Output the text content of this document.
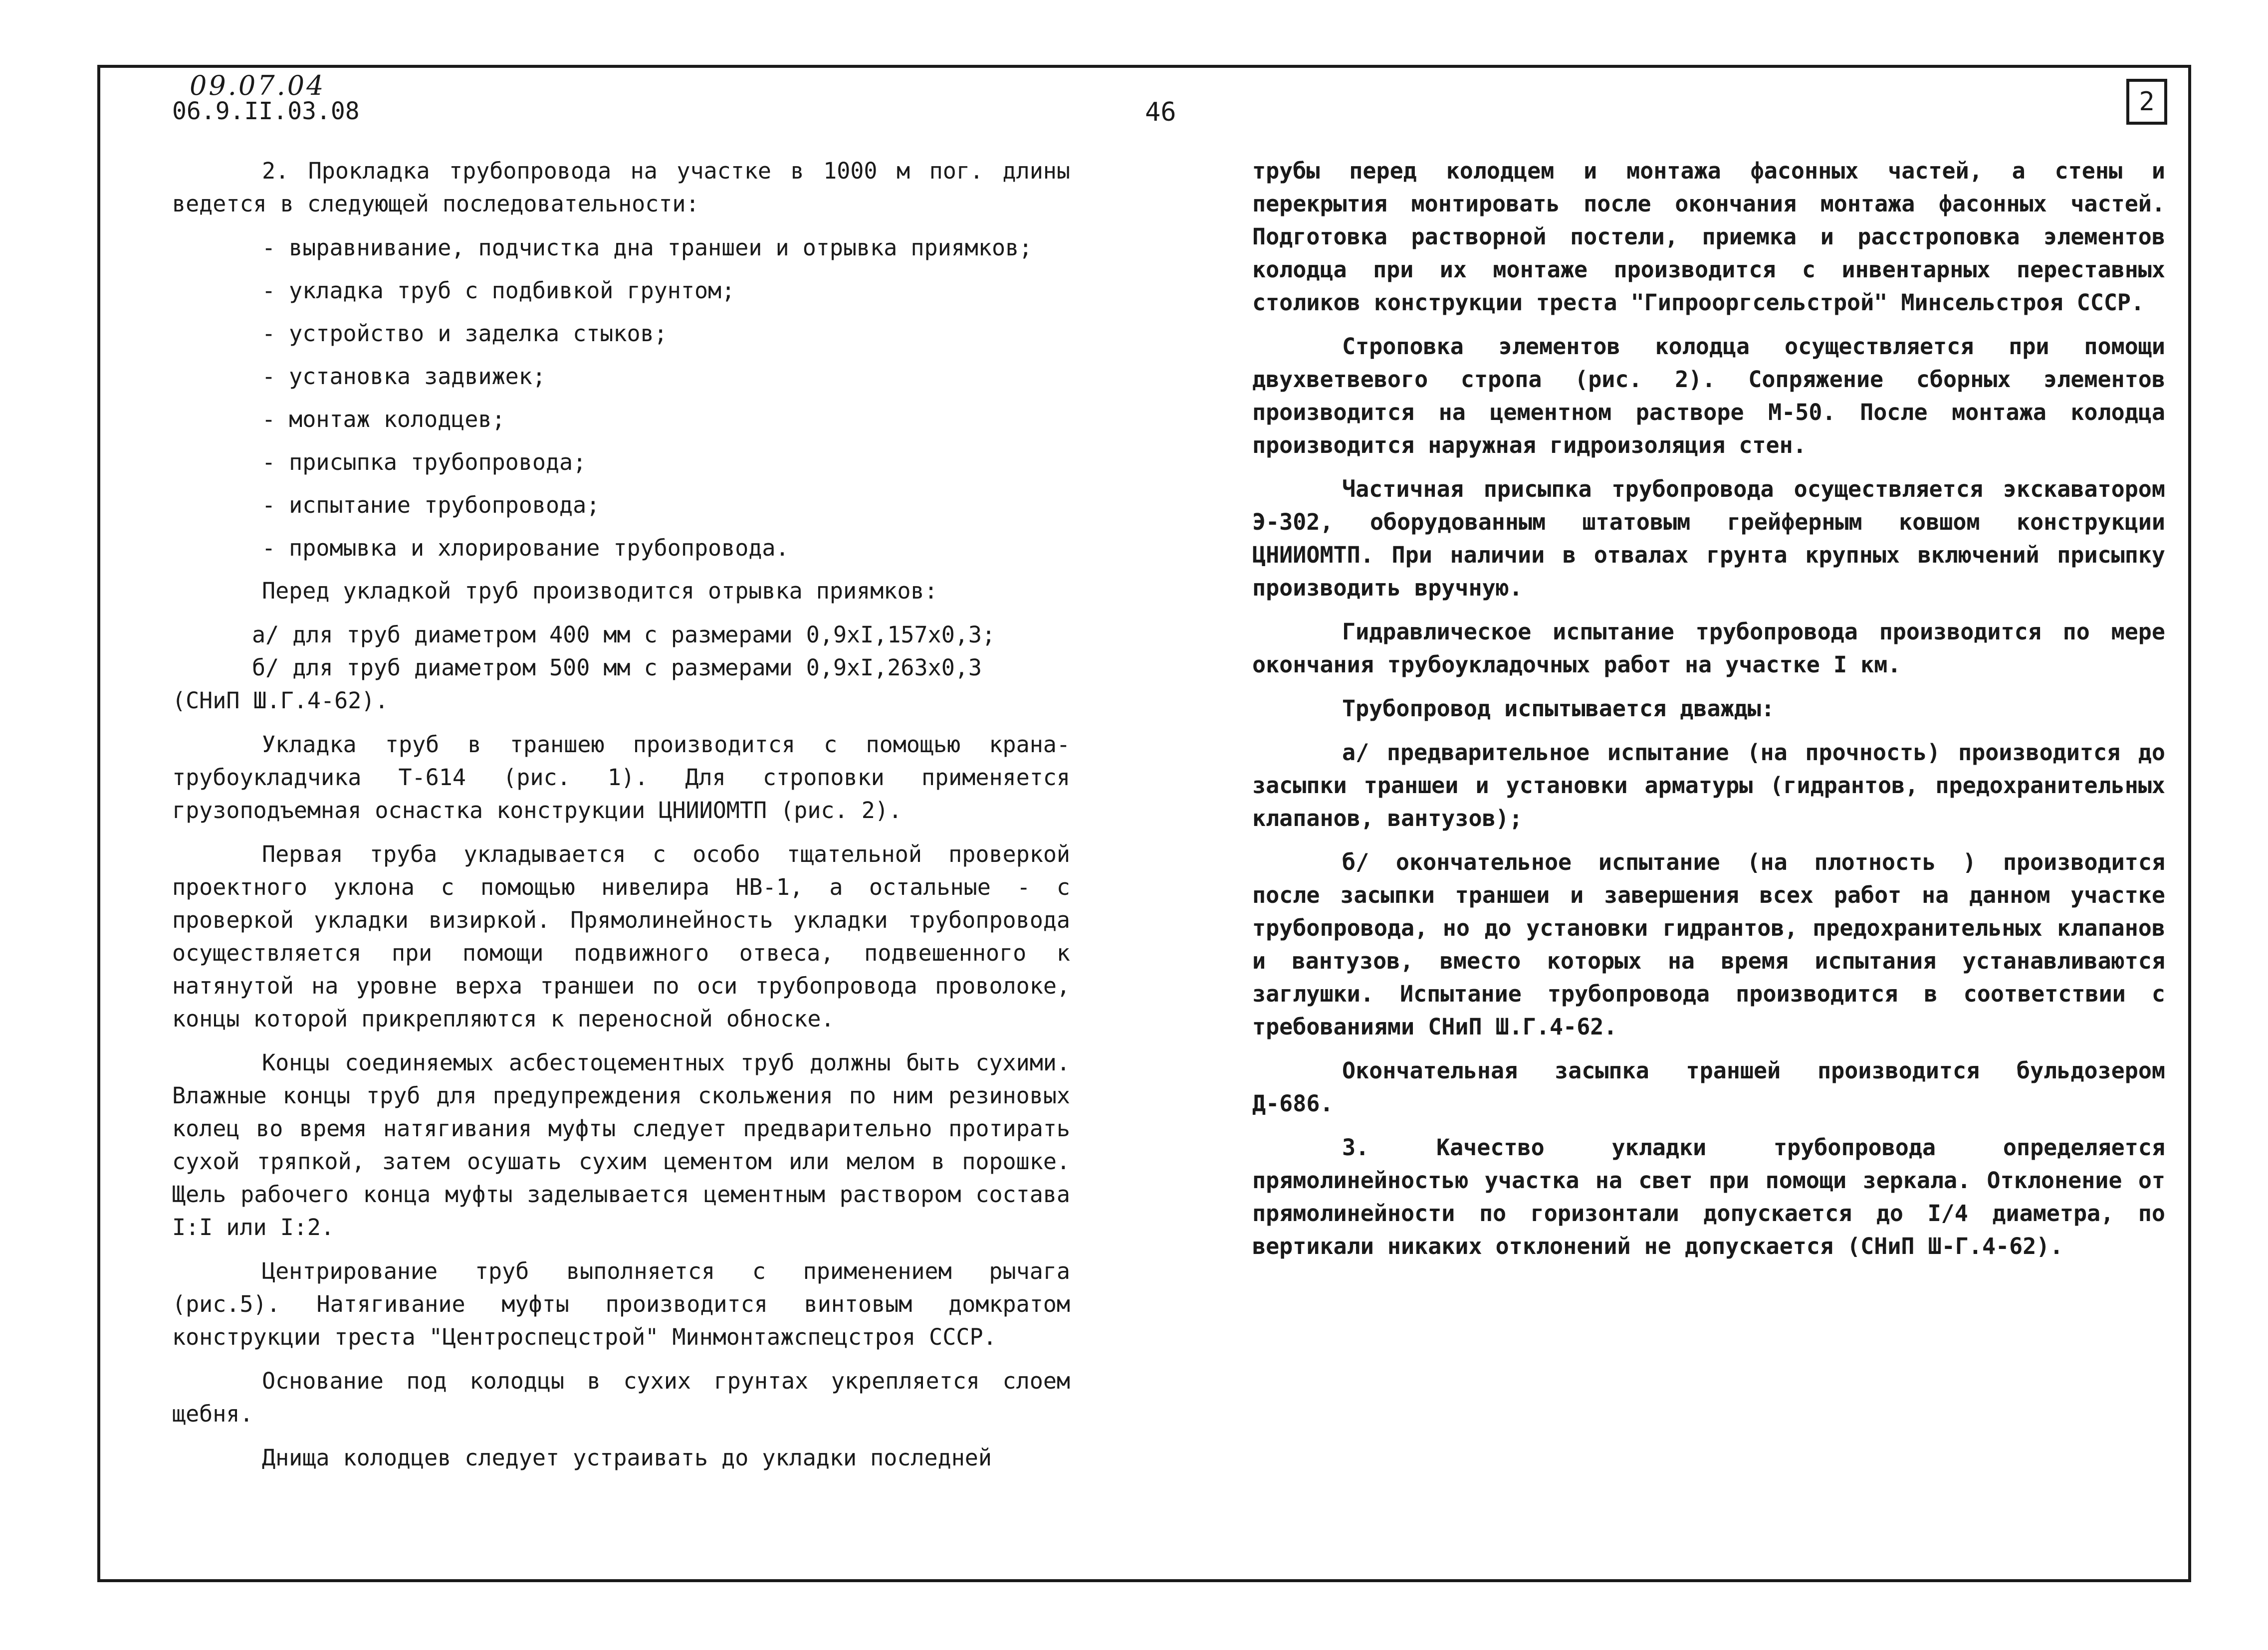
09.07.04
06.9.II.03.08	46	2
2. Прокладка трубопровода на участке в 1000 м пог. длины ведется в следующей последовательности:
- выравнивание, подчистка дна траншеи и отрывка приямков;
- укладка труб с подбивкой грунтом;
- устройство и заделка стыков;
- установка задвижек;
- монтаж колодцев;
- присыпка трубопровода;
- испытание трубопровода;
- промывка и хлорирование трубопровода.
Перед укладкой труб производится отрывка приямков:
а/ для труб диаметром 400 мм с размерами 0,9xI,157x0,3;
б/ для труб диаметром 500 мм с размерами 0,9xI,263x0,3
(СНиП Ш.Г.4-62).
Укладка труб в траншею производится с помощью крана-трубоукладчика Т-614 (рис. 1). Для строповки применяется грузоподъемная оснастка конструкции ЦНИИОМТП (рис. 2).
Первая труба укладывается с особо тщательной проверкой проектного уклона с помощью нивелира НВ-1, а остальные - с проверкой укладки визиркой. Прямолинейность укладки трубопровода осуществляется при помощи подвижного отвеса, подвешенного к натянутой на уровне верха траншеи по оси трубопровода проволоке, концы которой прикрепляются к переносной обноске.
Концы соединяемых асбестоцементных труб должны быть сухими. Влажные концы труб для предупреждения скольжения по ним резиновых колец во время натягивания муфты следует предварительно протирать сухой тряпкой, затем осушать сухим цементом или мелом в порошке. Щель рабочего конца муфты заделывается цементным раствором состава I:I или I:2.
Центрирование труб выполняется с применением рычага (рис.5). Натягивание муфты производится винтовым домкратом конструкции треста "Центроспецстрой" Минмонтажспецстроя СССР.
Основание под колодцы в сухих грунтах укрепляется слоем щебня.
Днища колодцев следует устраивать до укладки последней
трубы перед колодцем и монтажа фасонных частей, а стены и перекрытия монтировать после окончания монтажа фасонных частей. Подготовка растворной постели, приемка и расстроповка элементов колодца при их монтаже производится с инвентарных переставных столиков конструкции треста "Гипрооргсельстрой" Минсельстроя СССР.
Строповка элементов колодца осуществляется при помощи двухветвевого стропа (рис. 2). Сопряжение сборных элементов производится на цементном растворе М-50. После монтажа колодца производится наружная гидроизоляция стен.
Частичная присыпка трубопровода осуществляется экскаватором Э-302, оборудованным штатовым грейферным ковшом конструкции ЦНИИОМТП. При наличии в отвалах грунта крупных включений присыпку производить вручную.
Гидравлическое испытание трубопровода производится по мере окончания трубоукладочных работ на участке I км.
Трубопровод испытывается дважды:
а/ предварительное испытание (на прочность) производится до засыпки траншеи и установки арматуры (гидрантов, предохранительных клапанов, вантузов);
б/ окончательное испытание (на плотность ) производится после засыпки траншеи и завершения всех работ на данном участке трубопровода, но до установки гидрантов, предохранительных клапанов и вантузов, вместо которых на время испытания устанавливаются заглушки. Испытание трубопровода производится в соответствии с требованиями СНиП Ш.Г.4-62.
Окончательная засыпка траншей производится бульдозером Д-686.
3. Качество укладки трубопровода определяется прямолинейностью участка на свет при помощи зеркала. Отклонение от прямолинейности по горизонтали допускается до I/4 диаметра, по вертикали никаких отклонений не допускается (СНиП Ш-Г.4-62).
